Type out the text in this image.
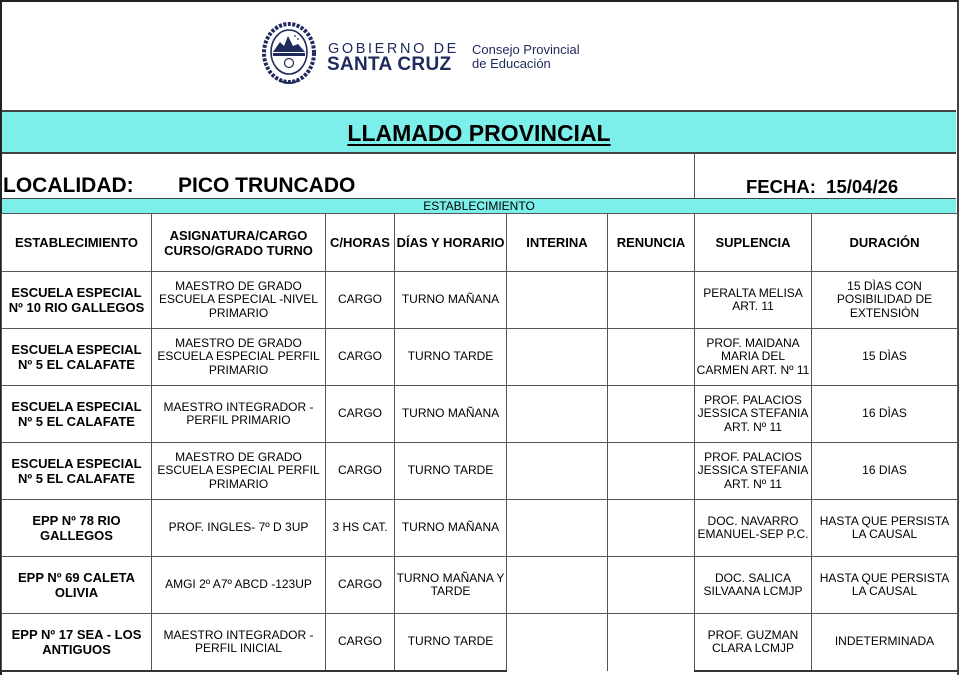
GOBIERNO DE
SANTA CRUZ
Consejo Provincial
de Educación
LLAMADO PROVINCIAL
LOCALIDAD: PICO TRUNCADO	FECHA: 15/04/26
ESTABLECIMIENTO
ESTABLECIMIENTO	ASIGNATURA/CARGO CURSO/GRADO TURNO	C/HORAS	DÍAS Y HORARIO	INTERINA	RENUNCIA	SUPLENCIA	DURACIÓN
ESCUELA ESPECIAL Nº 10 RIO GALLEGOS	MAESTRO DE GRADO ESCUELA ESPECIAL -NIVEL PRIMARIO	CARGO	TURNO MAÑANA			PERALTA MELISA ART. 11	15 DÌAS CON POSIBILIDAD DE EXTENSIÒN
ESCUELA ESPECIAL Nº 5 EL CALAFATE	MAESTRO DE GRADO ESCUELA ESPECIAL PERFIL PRIMARIO	CARGO	TURNO TARDE			PROF. MAIDANA MARIA DEL CARMEN ART. Nº 11	15 DÌAS
ESCUELA ESPECIAL Nº 5 EL CALAFATE	MAESTRO INTEGRADOR - PERFIL PRIMARIO	CARGO	TURNO MAÑANA			PROF. PALACIOS JESSICA STEFANIA ART. Nº 11	16 DÌAS
ESCUELA ESPECIAL Nº 5 EL CALAFATE	MAESTRO DE GRADO ESCUELA ESPECIAL PERFIL PRIMARIO	CARGO	TURNO TARDE			PROF. PALACIOS JESSICA STEFANIA ART. Nº 11	16 DIAS
EPP Nº 78 RIO GALLEGOS	PROF. INGLES- 7º D 3UP	3 HS CAT.	TURNO MAÑANA			DOC. NAVARRO EMANUEL-SEP P.C.	HASTA QUE PERSISTA LA CAUSAL
EPP Nº 69 CALETA OLIVIA	AMGI 2º A7º ABCD -123UP	CARGO	TURNO MAÑANA Y TARDE			DOC. SALICA SILVAANA LCMJP	HASTA QUE PERSISTA LA CAUSAL
EPP Nº 17 SEA - LOS ANTIGUOS	MAESTRO INTEGRADOR - PERFIL INICIAL	CARGO	TURNO TARDE			PROF. GUZMAN CLARA LCMJP	INDETERMINADA
